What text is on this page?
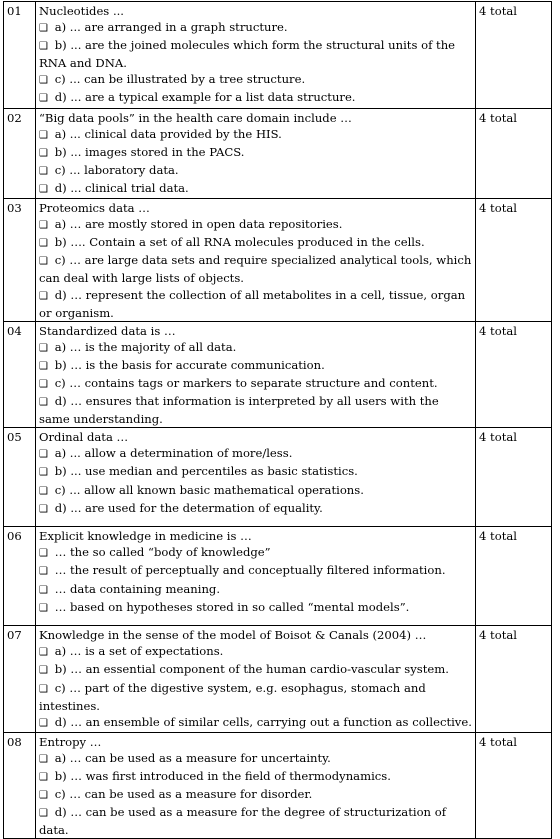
01	Nucleotides ...
❑ a) ... are arranged in a graph structure.
❑ b) ... are the joined molecules which form the structural units of the RNA and DNA.
❑ c) ... can be illustrated by a tree structure.
❑ d) ... are a typical example for a list data structure.	4 total
02	“Big data pools” in the health care domain include …
❑ a) ... clinical data provided by the HIS.
❑ b) ... images stored in the PACS.
❑ c) ... laboratory data.
❑ d) ... clinical trial data.	4 total
03	Proteomics data …
❑ a) … are mostly stored in open data repositories.
❑ b) …. Contain a set of all RNA molecules produced in the cells.
❑ c) … are large data sets and require specialized analytical tools, which can deal with large lists of objects.
❑ d) … represent the collection of all metabolites in a cell, tissue, organ or organism.	4 total
04	Standardized data is …
❑ a) … is the majority of all data.
❑ b) … is the basis for accurate communication.
❑ c) … contains tags or markers to separate structure and content.
❑ d) … ensures that information is interpreted by all users with the same understanding.	4 total
05	Ordinal data …
❑ a) ... allow a determination of more/less.
❑ b) ... use median and percentiles as basic statistics.
❑ c) ... allow all known basic mathematical operations.
❑ d) ... are used for the determation of equality.	4 total
06	Explicit knowledge in medicine is …
❑ … the so called “body of knowledge”
❑ … the result of perceptually and conceptually filtered information.
❑ … data containing meaning.
❑ … based on hypotheses stored in so called “mental models”.	4 total
07	Knowledge in the sense of the model of Boisot & Canals (2004) …
❑ a) … is a set of expectations.
❑ b) … an essential component of the human cardio-vascular system.
❑ c) … part of the digestive system, e.g. esophagus, stomach and intestines.
❑ d) … an ensemble of similar cells, carrying out a function as collective.	4 total
08	Entropy …
❑ a) … can be used as a measure for uncertainty.
❑ b) … was first introduced in the field of thermodynamics.
❑ c) … can be used as a measure for disorder.
❑ d) … can be used as a measure for the degree of structurization of data.	4 total
